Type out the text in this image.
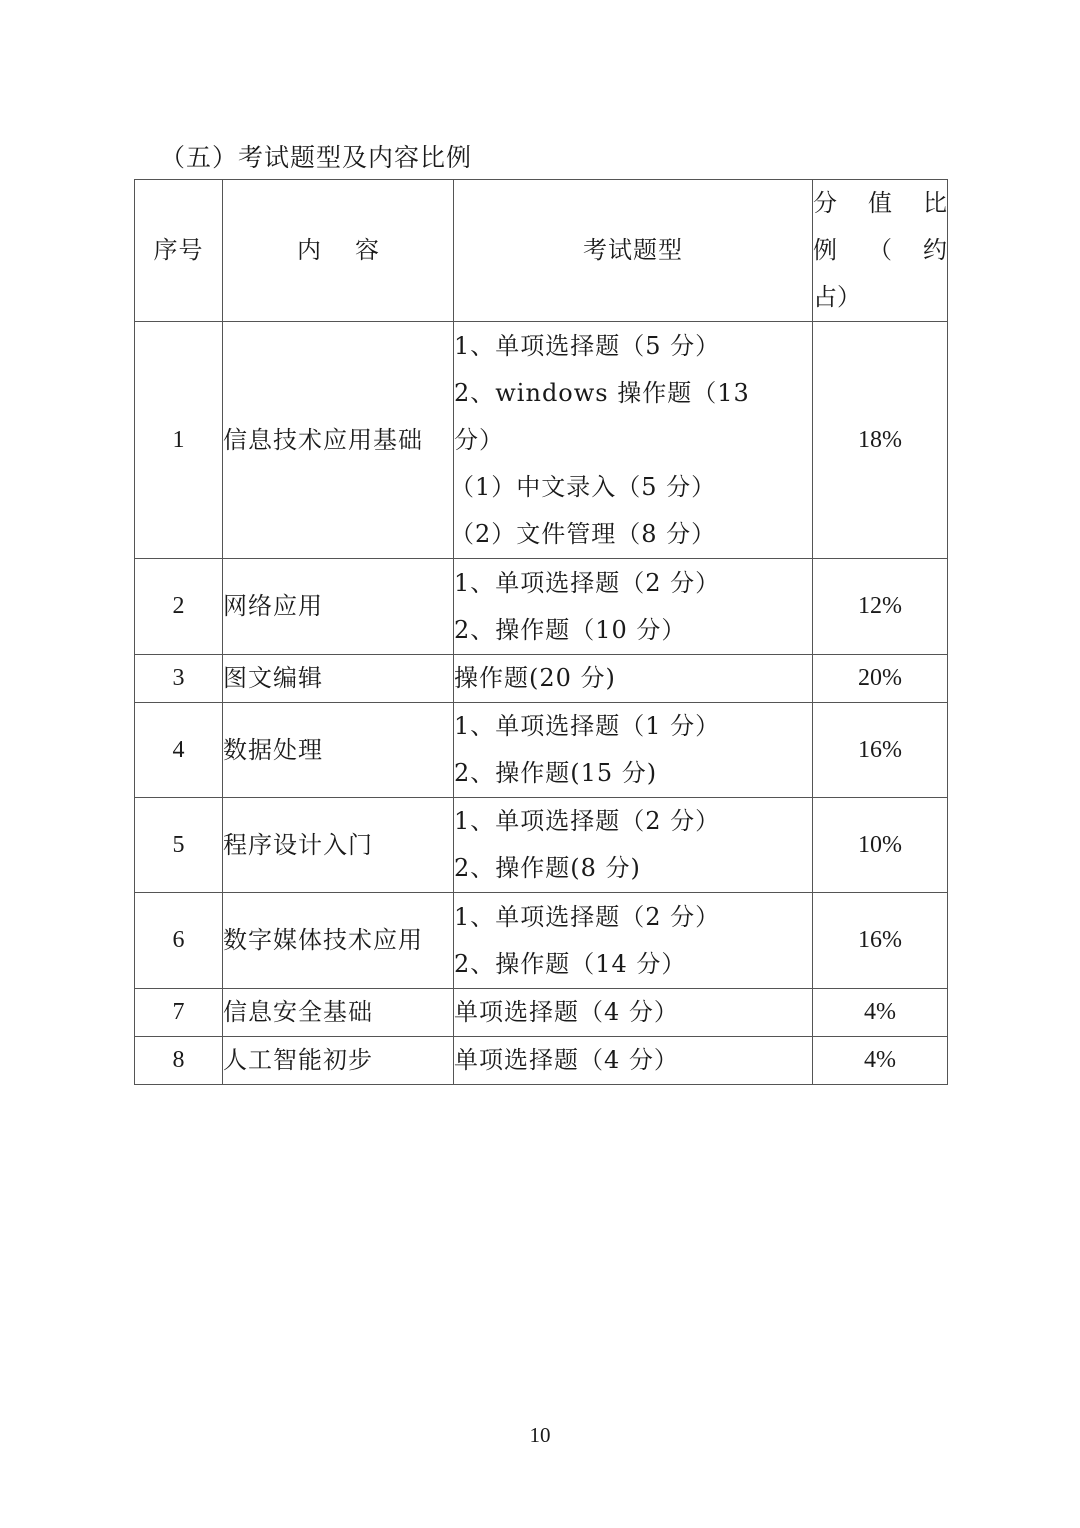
（五）考试题型及内容比例
序号	内容	考试题型	分 值 比
例 （ 约
占）

1	信息技术应用基础	1、单项选择题（5 分）
2、windows 操作题（13
分）
（1）中文录入（5 分）
（2）文件管理（8 分）	18%
2	网络应用	1、单项选择题（2 分）
2、操作题（10 分）	12%
3	图文编辑	操作题(20 分)	20%
4	数据处理	1、单项选择题（1 分）
2、操作题(15 分)	16%
5	程序设计入门	1、单项选择题（2 分）
2、操作题(8 分)	10%
6	数字媒体技术应用	1、单项选择题（2 分）
2、操作题（14 分）	16%
7	信息安全基础	单项选择题（4 分）	4%
8	人工智能初步	单项选择题（4 分）	4%
10
